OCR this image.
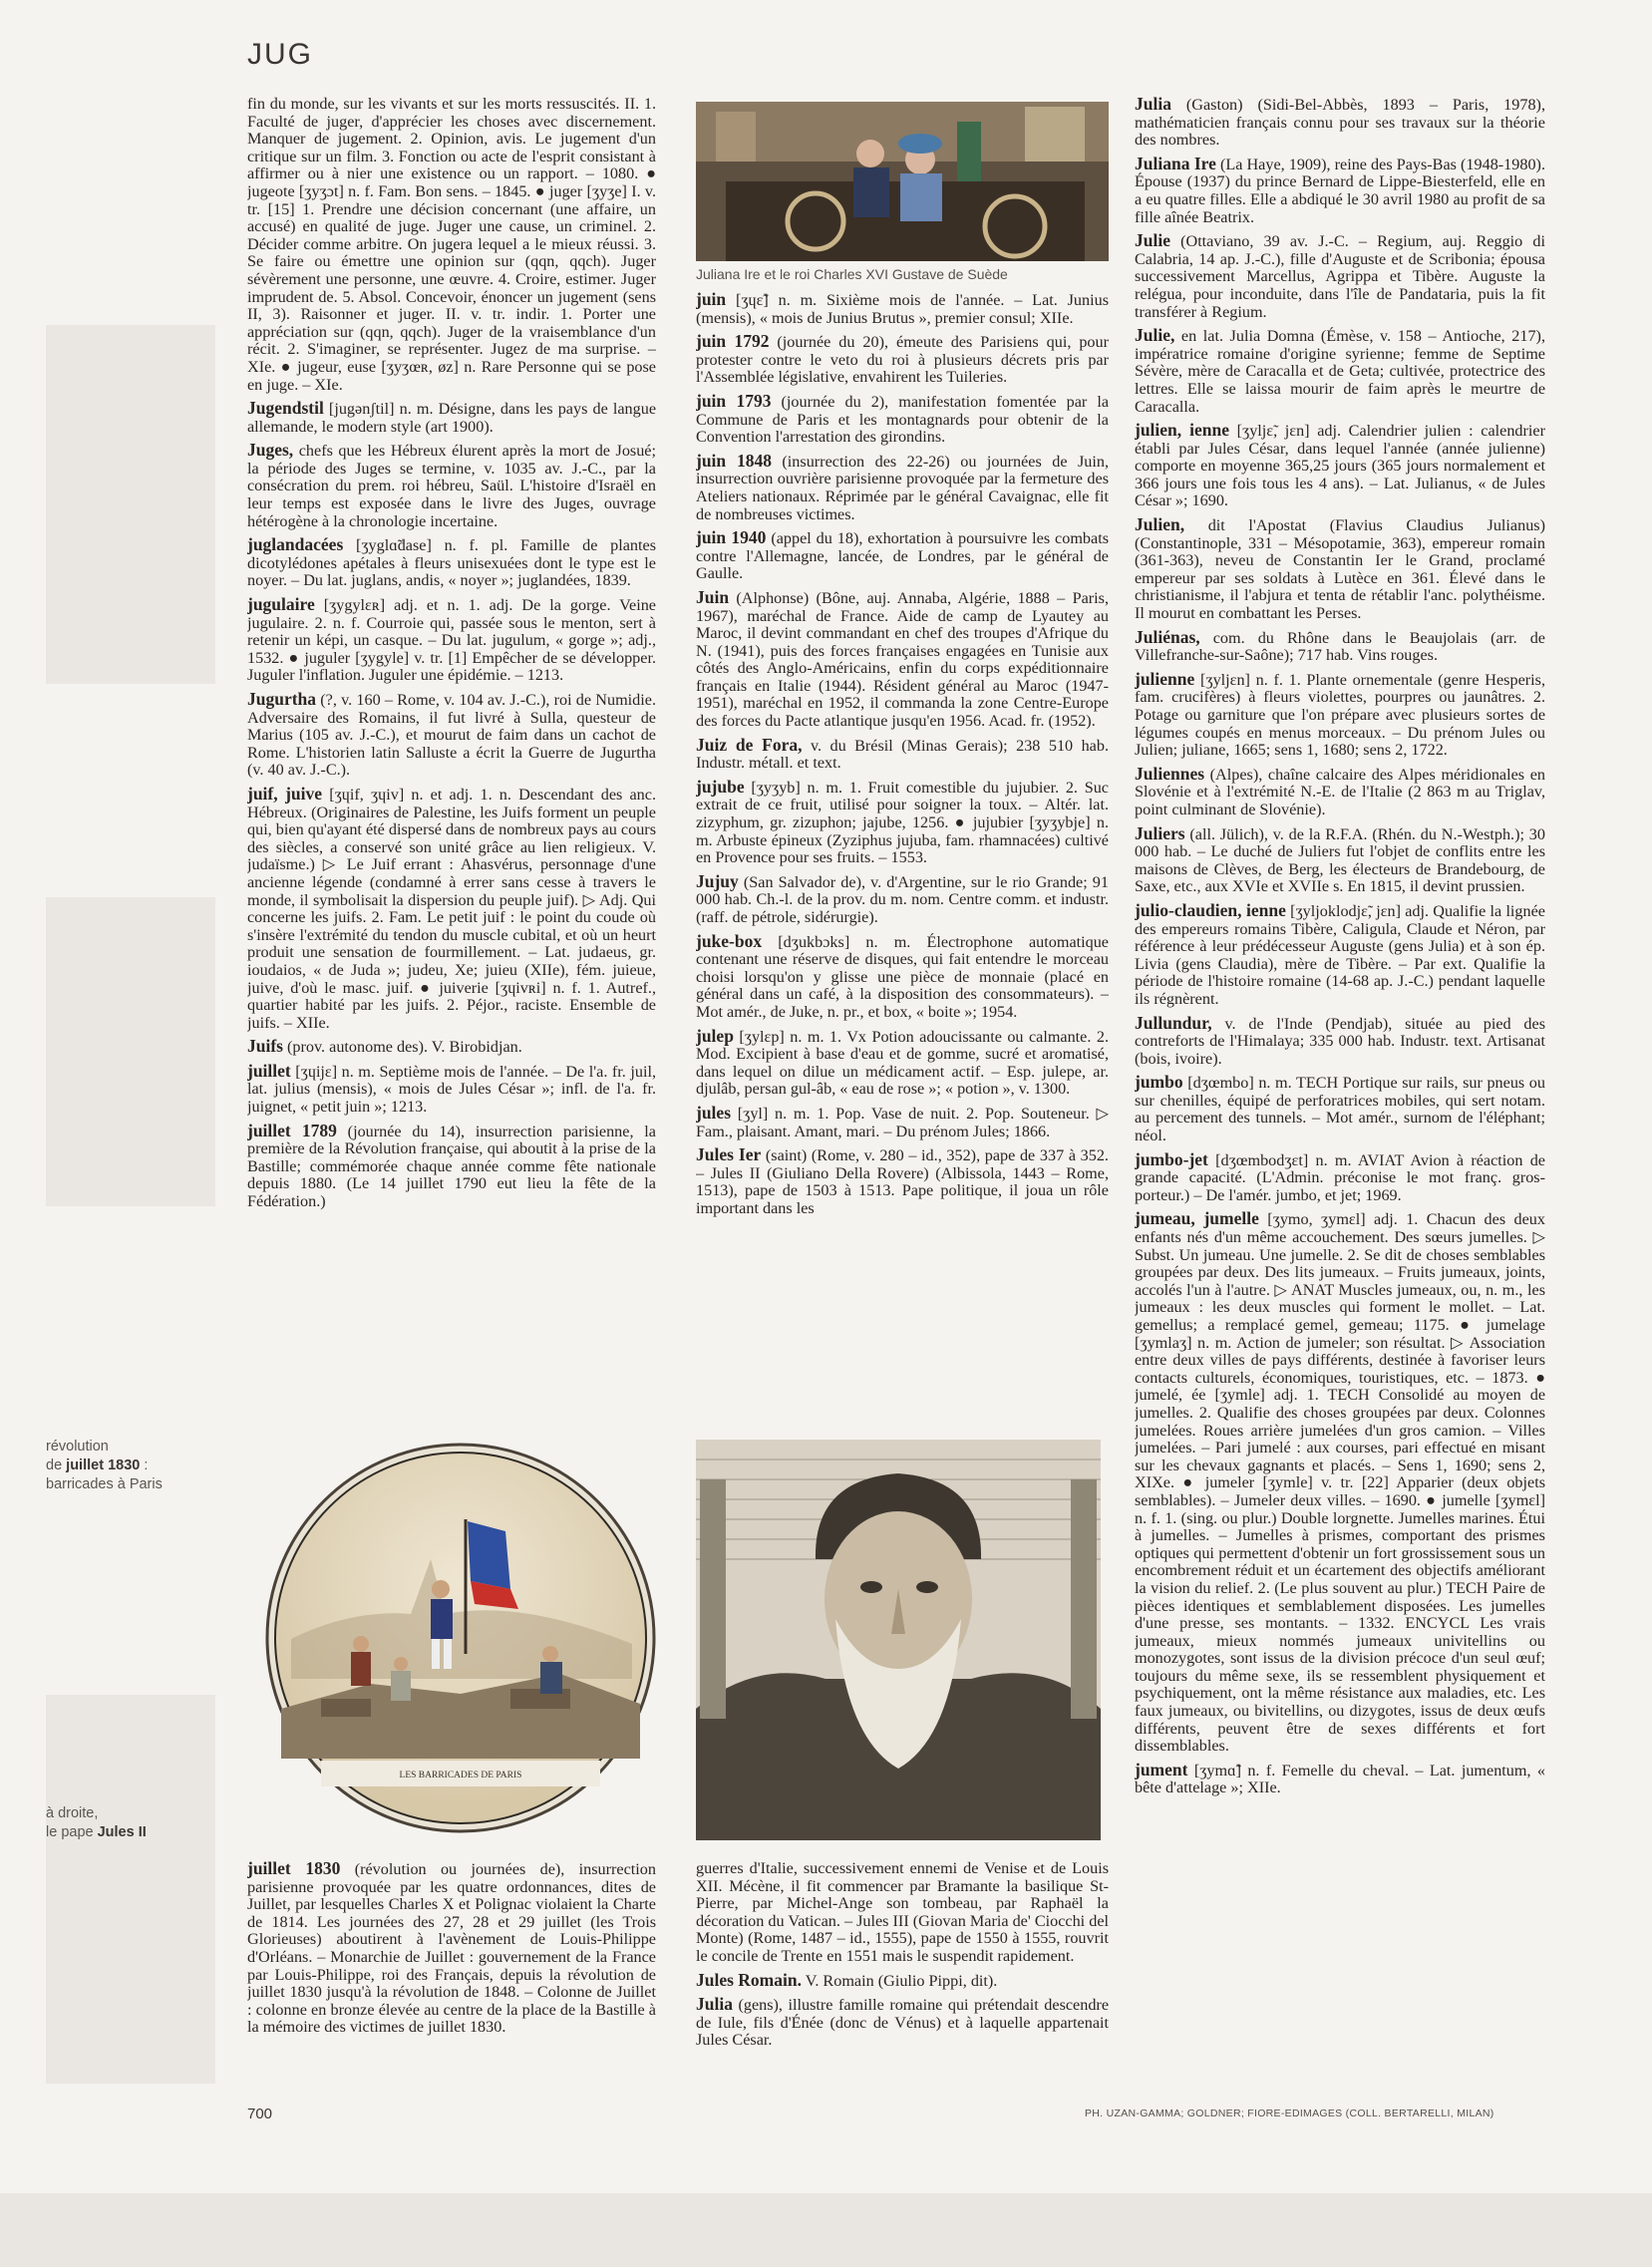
JUG

fin du monde, sur les vivants et sur les morts ressuscités. II. 1. Faculté de juger, d'apprécier les choses avec discernement. Manquer de jugement. 2. Opinion, avis. Le jugement d'un critique sur un film. 3. Fonction ou acte de l'esprit consistant à affirmer ou à nier une existence ou un rapport. – 1080. ● jugeote [ʒyʒɔt] n. f. Fam. Bon sens. – 1845. ● juger [ʒyʒe] I. v. tr. [15] 1. Prendre une décision concernant (une affaire, un accusé) en qualité de juge. Juger une cause, un criminel. 2. Décider comme arbitre. On jugera lequel a le mieux réussi. 3. Se faire ou émettre une opinion sur (qqn, qqch). Juger sévèrement une personne, une œuvre. 4. Croire, estimer. Juger imprudent de. 5. Absol. Concevoir, énoncer un jugement (sens II, 3). Raisonner et juger. II. v. tr. indir. 1. Porter une appréciation sur (qqn, qqch). Juger de la vraisemblance d'un récit. 2. S'imaginer, se représenter. Jugez de ma surprise. – XIe. ● jugeur, euse [ʒyʒœʀ, øz] n. Rare Personne qui se pose en juge. – XIe.

Jugendstil [jugənʃtil] n. m. Désigne, dans les pays de langue allemande, le modern style (art 1900).

Juges, chefs que les Hébreux élurent après la mort de Josué; la période des Juges se termine, v. 1035 av. J.-C., par la consécration du prem. roi hébreu, Saül. L'histoire d'Israël en leur temps est exposée dans le livre des Juges, ouvrage hétérogène à la chronologie incertaine.

juglandacées [ʒyglɑ̃dase] n. f. pl. Famille de plantes dicotylédones apétales à fleurs unisexuées dont le type est le noyer. – Du lat. juglans, andis, « noyer »; juglandées, 1839.

jugulaire [ʒygylɛʀ] adj. et n. 1. adj. De la gorge. Veine jugulaire. 2. n. f. Courroie qui, passée sous le menton, sert à retenir un képi, un casque. – Du lat. jugulum, « gorge »; adj., 1532. ● juguler [ʒygyle] v. tr. [1] Empêcher de se développer. Juguler l'inflation. Juguler une épidémie. – 1213.

Jugurtha (?, v. 160 – Rome, v. 104 av. J.-C.), roi de Numidie. Adversaire des Romains, il fut livré à Sulla, questeur de Marius (105 av. J.-C.), et mourut de faim dans un cachot de Rome. L'historien latin Salluste a écrit la Guerre de Jugurtha (v. 40 av. J.-C.).

juif, juive [ʒɥif, ʒɥiv] n. et adj. 1. n. Descendant des anc. Hébreux. (Originaires de Palestine, les Juifs forment un peuple qui, bien qu'ayant été dispersé dans de nombreux pays au cours des siècles, a conservé son unité grâce au lien religieux. V. judaïsme.) ▷ Le Juif errant : Ahasvérus, personnage d'une ancienne légende (condamné à errer sans cesse à travers le monde, il symbolisait la dispersion du peuple juif). ▷ Adj. Qui concerne les juifs. 2. Fam. Le petit juif : le point du coude où s'insère l'extrémité du tendon du muscle cubital, et où un heurt produit une sensation de fourmillement. – Lat. judaeus, gr. ioudaios, « de Juda »; judeu, Xe; juieu (XIIe), fém. juieue, juive, d'où le masc. juif. ● juiverie [ʒɥivʀi] n. f. 1. Autref., quartier habité par les juifs. 2. Péjor., raciste. Ensemble de juifs. – XIIe.

Juifs (prov. autonome des). V. Birobidjan.

juillet [ʒɥijɛ] n. m. Septième mois de l'année. – De l'a. fr. juil, lat. julius (mensis), « mois de Jules César »; infl. de l'a. fr. juignet, « petit juin »; 1213.

juillet 1789 (journée du 14), insurrection parisienne, la première de la Révolution française, qui aboutit à la prise de la Bastille; commémorée chaque année comme fête nationale depuis 1880. (Le 14 juillet 1790 eut lieu la fête de la Fédération.)

révolution
de juillet 1830 :
barricades à Paris
LES BARRICADES DE PARIS
à droite,
le pape Jules II

juillet 1830 (révolution ou journées de), insurrection parisienne provoquée par les quatre ordonnances, dites de Juillet, par lesquelles Charles X et Polignac violaient la Charte de 1814. Les journées des 27, 28 et 29 juillet (les Trois Glorieuses) aboutirent à l'avènement de Louis-Philippe d'Orléans. – Monarchie de Juillet : gouvernement de la France par Louis-Philippe, roi des Français, depuis la révolution de juillet 1830 jusqu'à la révolution de 1848. – Colonne de Juillet : colonne en bronze élevée au centre de la place de la Bastille à la mémoire des victimes de juillet 1830.

Juliana Ire et le roi Charles XVI Gustave de Suède

juin [ʒɥɛ̃] n. m. Sixième mois de l'année. – Lat. Junius (mensis), « mois de Junius Brutus », premier consul; XIIe.

juin 1792 (journée du 20), émeute des Parisiens qui, pour protester contre le veto du roi à plusieurs décrets pris par l'Assemblée législative, envahirent les Tuileries.

juin 1793 (journée du 2), manifestation fomentée par la Commune de Paris et les montagnards pour obtenir de la Convention l'arrestation des girondins.

juin 1848 (insurrection des 22-26) ou journées de Juin, insurrection ouvrière parisienne provoquée par la fermeture des Ateliers nationaux. Réprimée par le général Cavaignac, elle fit de nombreuses victimes.

juin 1940 (appel du 18), exhortation à poursuivre les combats contre l'Allemagne, lancée, de Londres, par le général de Gaulle.

Juin (Alphonse) (Bône, auj. Annaba, Algérie, 1888 – Paris, 1967), maréchal de France. Aide de camp de Lyautey au Maroc, il devint commandant en chef des troupes d'Afrique du N. (1941), puis des forces françaises engagées en Tunisie aux côtés des Anglo-Américains, enfin du corps expéditionnaire français en Italie (1944). Résident général au Maroc (1947-1951), maréchal en 1952, il commanda la zone Centre-Europe des forces du Pacte atlantique jusqu'en 1956. Acad. fr. (1952).

Juiz de Fora, v. du Brésil (Minas Gerais); 238 510 hab. Industr. métall. et text.

jujube [ʒyʒyb] n. m. 1. Fruit comestible du jujubier. 2. Suc extrait de ce fruit, utilisé pour soigner la toux. – Altér. lat. zizyphum, gr. zizuphon; jajube, 1256. ● jujubier [ʒyʒybje] n. m. Arbuste épineux (Zyziphus jujuba, fam. rhamnacées) cultivé en Provence pour ses fruits. – 1553.

Jujuy (San Salvador de), v. d'Argentine, sur le rio Grande; 91 000 hab. Ch.-l. de la prov. du m. nom. Centre comm. et industr. (raff. de pétrole, sidérurgie).

juke-box [dʒukbɔks] n. m. Électrophone automatique contenant une réserve de disques, qui fait entendre le morceau choisi lorsqu'on y glisse une pièce de monnaie (placé en général dans un café, à la disposition des consommateurs). – Mot amér., de Juke, n. pr., et box, « boite »; 1954.

julep [ʒylɛp] n. m. 1. Vx Potion adoucissante ou calmante. 2. Mod. Excipient à base d'eau et de gomme, sucré et aromatisé, dans lequel on dilue un médicament actif. – Esp. julepe, ar. djulâb, persan gul-âb, « eau de rose »; « potion », v. 1300.

jules [ʒyl] n. m. 1. Pop. Vase de nuit. 2. Pop. Souteneur. ▷ Fam., plaisant. Amant, mari. – Du prénom Jules; 1866.

Jules Ier (saint) (Rome, v. 280 – id., 352), pape de 337 à 352. – Jules II (Giuliano Della Rovere) (Albissola, 1443 – Rome, 1513), pape de 1503 à 1513. Pape politique, il joua un rôle important dans les

guerres d'Italie, successivement ennemi de Venise et de Louis XII. Mécène, il fit commencer par Bramante la basilique St-Pierre, par Michel-Ange son tombeau, par Raphaël la décoration du Vatican. – Jules III (Giovan Maria de' Ciocchi del Monte) (Rome, 1487 – id., 1555), pape de 1550 à 1555, rouvrit le concile de Trente en 1551 mais le suspendit rapidement.

Jules Romain. V. Romain (Giulio Pippi, dit).

Julia (gens), illustre famille romaine qui prétendait descendre de Iule, fils d'Énée (donc de Vénus) et à laquelle appartenait Jules César.

Julia (Gaston) (Sidi-Bel-Abbès, 1893 – Paris, 1978), mathématicien français connu pour ses travaux sur la théorie des nombres.

Juliana Ire (La Haye, 1909), reine des Pays-Bas (1948-1980). Épouse (1937) du prince Bernard de Lippe-Biesterfeld, elle en a eu quatre filles. Elle a abdiqué le 30 avril 1980 au profit de sa fille aînée Beatrix.

Julie (Ottaviano, 39 av. J.-C. – Regium, auj. Reggio di Calabria, 14 ap. J.-C.), fille d'Auguste et de Scribonia; épousa successivement Marcellus, Agrippa et Tibère. Auguste la relégua, pour inconduite, dans l'île de Pandataria, puis la fit transférer à Regium.

Julie, en lat. Julia Domna (Émèse, v. 158 – Antioche, 217), impératrice romaine d'origine syrienne; femme de Septime Sévère, mère de Caracalla et de Geta; cultivée, protectrice des lettres. Elle se laissa mourir de faim après le meurtre de Caracalla.

julien, ienne [ʒyljɛ̃, jɛn] adj. Calendrier julien : calendrier établi par Jules César, dans lequel l'année (année julienne) comporte en moyenne 365,25 jours (365 jours normalement et 366 jours une fois tous les 4 ans). – Lat. Julianus, « de Jules César »; 1690.

Julien, dit l'Apostat (Flavius Claudius Julianus) (Constantinople, 331 – Mésopotamie, 363), empereur romain (361-363), neveu de Constantin Ier le Grand, proclamé empereur par ses soldats à Lutèce en 361. Élevé dans le christianisme, il l'abjura et tenta de rétablir l'anc. polythéisme. Il mourut en combattant les Perses.

Juliénas, com. du Rhône dans le Beaujolais (arr. de Villefranche-sur-Saône); 717 hab. Vins rouges.

julienne [ʒyljɛn] n. f. 1. Plante ornementale (genre Hesperis, fam. crucifères) à fleurs violettes, pourpres ou jaunâtres. 2. Potage ou garniture que l'on prépare avec plusieurs sortes de légumes coupés en menus morceaux. – Du prénom Jules ou Julien; juliane, 1665; sens 1, 1680; sens 2, 1722.

Juliennes (Alpes), chaîne calcaire des Alpes méridionales en Slovénie et à l'extrémité N.-E. de l'Italie (2 863 m au Triglav, point culminant de Slovénie).

Juliers (all. Jülich), v. de la R.F.A. (Rhén. du N.-Westph.); 30 000 hab. – Le duché de Juliers fut l'objet de conflits entre les maisons de Clèves, de Berg, les électeurs de Brandebourg, de Saxe, etc., aux XVIe et XVIIe s. En 1815, il devint prussien.

julio-claudien, ienne [ʒyljoklodjɛ̃, jɛn] adj. Qualifie la lignée des empereurs romains Tibère, Caligula, Claude et Néron, par référence à leur prédécesseur Auguste (gens Julia) et à son ép. Livia (gens Claudia), mère de Tibère. – Par ext. Qualifie la période de l'histoire romaine (14-68 ap. J.-C.) pendant laquelle ils régnèrent.

Jullundur, v. de l'Inde (Pendjab), située au pied des contreforts de l'Himalaya; 335 000 hab. Industr. text. Artisanat (bois, ivoire).

jumbo [dʒœmbo] n. m. TECH Portique sur rails, sur pneus ou sur chenilles, équipé de perforatrices mobiles, qui sert notam. au percement des tunnels. – Mot amér., surnom de l'éléphant; néol.

jumbo-jet [dʒœmbodʒɛt] n. m. AVIAT Avion à réaction de grande capacité. (L'Admin. préconise le mot franç. gros-porteur.) – De l'amér. jumbo, et jet; 1969.

jumeau, jumelle [ʒymo, ʒymɛl] adj. 1. Chacun des deux enfants nés d'un même accouchement. Des sœurs jumelles. ▷ Subst. Un jumeau. Une jumelle. 2. Se dit de choses semblables groupées par deux. Des lits jumeaux. – Fruits jumeaux, joints, accolés l'un à l'autre. ▷ ANAT Muscles jumeaux, ou, n. m., les jumeaux : les deux muscles qui forment le mollet. – Lat. gemellus; a remplacé gemel, gemeau; 1175. ● jumelage [ʒymlaʒ] n. m. Action de jumeler; son résultat. ▷ Association entre deux villes de pays différents, destinée à favoriser leurs contacts culturels, économiques, touristiques, etc. – 1873. ● jumelé, ée [ʒymle] adj. 1. TECH Consolidé au moyen de jumelles. 2. Qualifie des choses groupées par deux. Colonnes jumelées. Roues arrière jumelées d'un gros camion. – Villes jumelées. – Pari jumelé : aux courses, pari effectué en misant sur les chevaux gagnants et placés. – Sens 1, 1690; sens 2, XIXe. ● jumeler [ʒymle] v. tr. [22] Apparier (deux objets semblables). – Jumeler deux villes. – 1690. ● jumelle [ʒymɛl] n. f. 1. (sing. ou plur.) Double lorgnette. Jumelles marines. Étui à jumelles. – Jumelles à prismes, comportant des prismes optiques qui permettent d'obtenir un fort grossissement sous un encombrement réduit et un écartement des objectifs améliorant la vision du relief. 2. (Le plus souvent au plur.) TECH Paire de pièces identiques et semblablement disposées. Les jumelles d'une presse, ses montants. – 1332. ENCYCL Les vrais jumeaux, mieux nommés jumeaux univitellins ou monozygotes, sont issus de la division précoce d'un seul œuf; toujours du même sexe, ils se ressemblent physiquement et psychiquement, ont la même résistance aux maladies, etc. Les faux jumeaux, ou bivitellins, ou dizygotes, issus de deux œufs différents, peuvent être de sexes différents et fort dissemblables.

jument [ʒymɑ̃] n. f. Femelle du cheval. – Lat. jumentum, « bête d'attelage »; XIIe.

700	PH. UZAN-GAMMA; GOLDNER; FIORE-EDIMAGES (COLL. BERTARELLI, MILAN)
